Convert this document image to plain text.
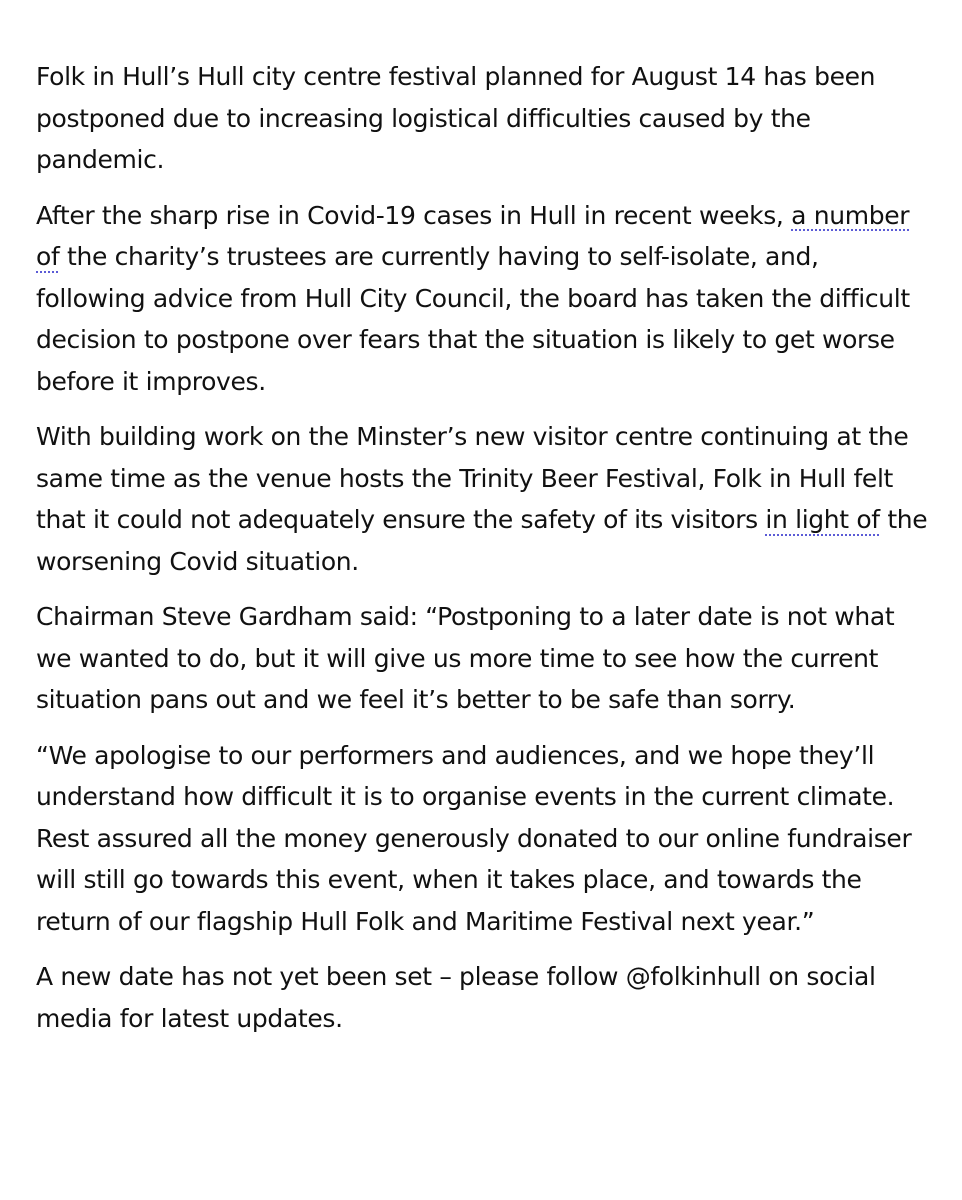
Folk in Hull’s Hull city centre festival planned for August 14 has been postponed due to increasing logistical difficulties caused by the pandemic.

After the sharp rise in Covid-19 cases in Hull in recent weeks, a number of the charity’s trustees are currently having to self-isolate, and, following advice from Hull City Council, the board has taken the difficult decision to postpone over fears that the situation is likely to get worse before it improves.

With building work on the Minster’s new visitor centre continuing at the same time as the venue hosts the Trinity Beer Festival, Folk in Hull felt that it could not adequately ensure the safety of its visitors in light of the worsening Covid situation.

Chairman Steve Gardham said: “Postponing to a later date is not what we wanted to do, but it will give us more time to see how the current situation pans out and we feel it’s better to be safe than sorry.

“We apologise to our performers and audiences, and we hope they’ll understand how difficult it is to organise events in the current climate. Rest assured all the money generously donated to our online fundraiser will still go towards this event, when it takes place, and towards the return of our flagship Hull Folk and Maritime Festival next year.”

A new date has not yet been set – please follow @folkinhull on social media for latest updates.
